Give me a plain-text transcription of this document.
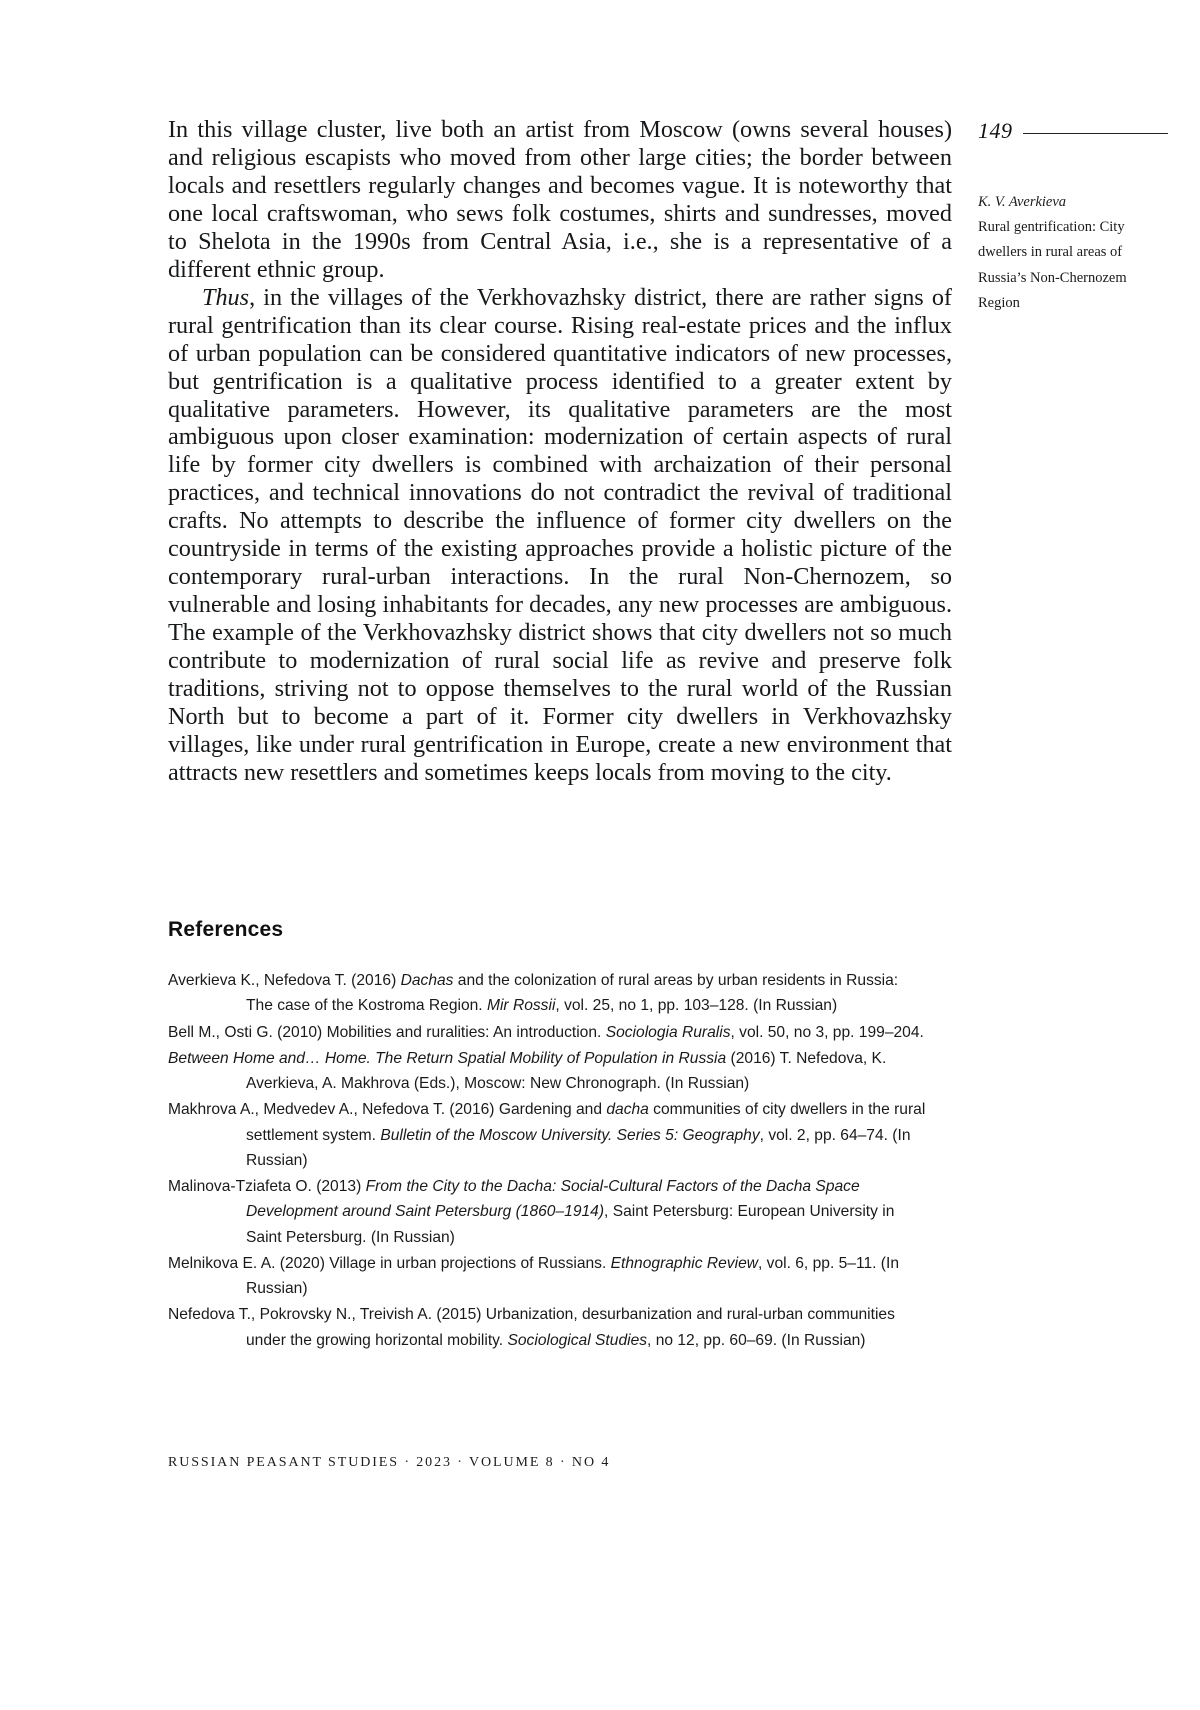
149
K. V. Averkieva
Rural gentrification: City dwellers in rural areas of Russia’s Non-Chernozem Region

In this village cluster, live both an artist from Moscow (owns several houses) and religious escapists who moved from other large cities; the border between locals and resettlers regularly changes and becomes vague. It is noteworthy that one local craftswoman, who sews folk costumes, shirts and sundresses, moved to Shelota in the 1990s from Central Asia, i.e., she is a representative of a different ethnic group.

Thus, in the villages of the Verkhovazhsky district, there are rather signs of rural gentrification than its clear course. Rising real-estate prices and the influx of urban population can be considered quantitative indicators of new processes, but gentrification is a qualitative process identified to a greater extent by qualitative parameters. However, its qualitative parameters are the most ambiguous upon closer examination: modernization of certain aspects of rural life by former city dwellers is combined with archaization of their personal practices, and technical innovations do not contradict the revival of traditional crafts. No attempts to describe the influence of former city dwellers on the countryside in terms of the existing approaches provide a holistic picture of the contemporary rural-urban interactions. In the rural Non-Chernozem, so vulnerable and losing inhabitants for decades, any new processes are ambiguous. The example of the Verkhovazhsky district shows that city dwellers not so much contribute to modernization of rural social life as revive and preserve folk traditions, striving not to oppose themselves to the rural world of the Russian North but to become a part of it. Former city dwellers in Verkhovazhsky villages, like under rural gentrification in Europe, create a new environment that attracts new resettlers and sometimes keeps locals from moving to the city.

References

Averkieva K., Nefedova T. (2016) Dachas and the colonization of rural areas by urban residents in Russia: The case of the Kostroma Region. Mir Rossii, vol. 25, no 1, pp. 103–128. (In Russian)

Bell M., Osti G. (2010) Mobilities and ruralities: An introduction. Sociologia Ruralis, vol. 50, no 3, pp. 199–204.

Between Home and… Home. The Return Spatial Mobility of Population in Russia (2016) T. Nefedova, K. Averkieva, A. Makhrova (Eds.), Moscow: New Chronograph. (In Russian)

Makhrova A., Medvedev A., Nefedova T. (2016) Gardening and dacha communities of city dwellers in the rural settlement system. Bulletin of the Moscow University. Series 5: Geography, vol. 2, pp. 64–74. (In Russian)

Malinova-Tziafeta O. (2013) From the City to the Dacha: Social-Cultural Factors of the Dacha Space Development around Saint Petersburg (1860–1914), Saint Petersburg: European University in Saint Petersburg. (In Russian)

Melnikova E. A. (2020) Village in urban projections of Russians. Ethnographic Review, vol. 6, pp. 5–11. (In Russian)

Nefedova T., Pokrovsky N., Treivish A. (2015) Urbanization, desurbanization and rural-urban communities under the growing horizontal mobility. Sociological Studies, no 12, pp. 60–69. (In Russian)

RUSSIAN PEASANT STUDIES · 2023 · VOLUME 8 · NO 4
